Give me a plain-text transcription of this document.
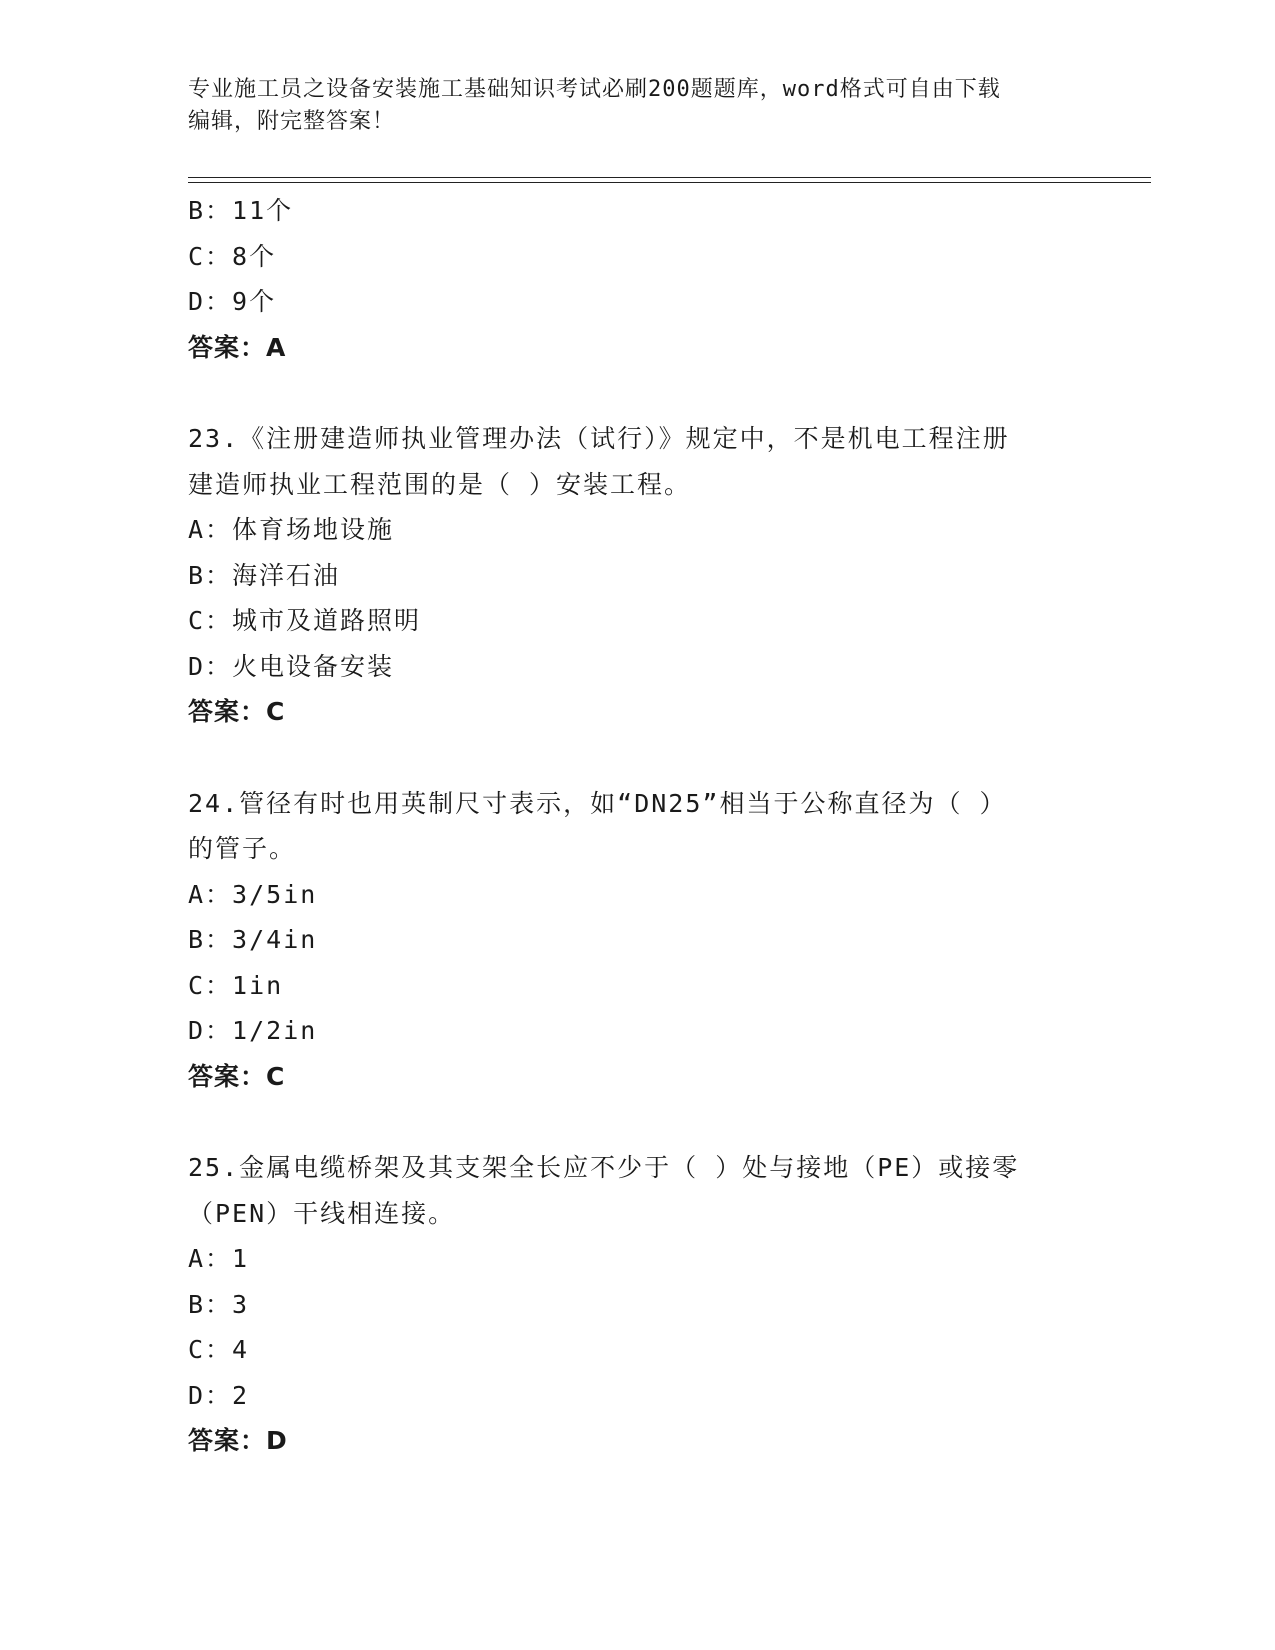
专业施工员之设备安装施工基础知识考试必刷200题题库，word格式可自由下载
编辑，附完整答案！
B：11个
C：8个
D：9个
答案：A
23.《注册建造师执业管理办法（试行）》规定中，不是机电工程注册
建造师执业工程范围的是（ ）安装工程。
A：体育场地设施
B：海洋石油
C：城市及道路照明
D：火电设备安装
答案：C
24.管径有时也用英制尺寸表示，如“DN25”相当于公称直径为（ ）
的管子。
A：3/5in
B：3/4in
C：1in
D：1/2in
答案：C
25.金属电缆桥架及其支架全长应不少于（ ）处与接地（PE）或接零
（PEN）干线相连接。
A：1
B：3
C：4
D：2
答案：D
